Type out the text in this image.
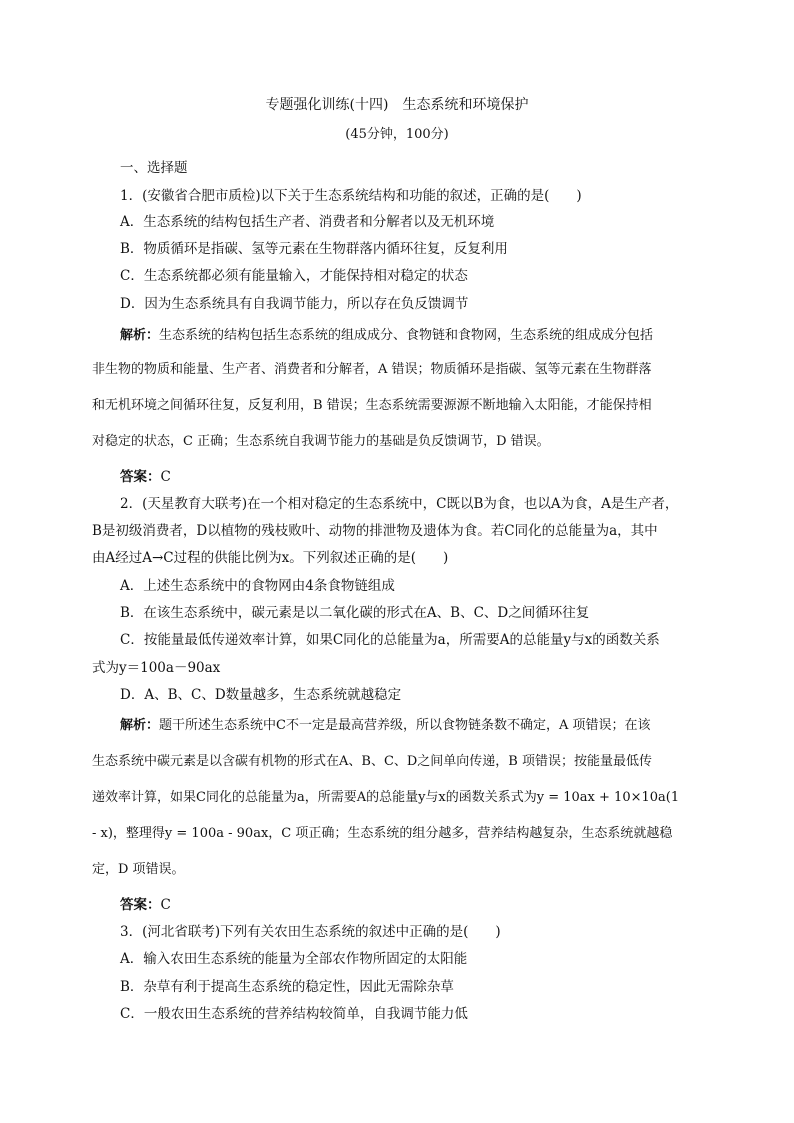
专题强化训练(十四)　生态系统和环境保护
(45分钟，100分)
一、选择题
1．(安徽省合肥市质检)以下关于生态系统结构和功能的叙述，正确的是(　　)
A．生态系统的结构包括生产者、消费者和分解者以及无机环境
B．物质循环是指碳、氢等元素在生物群落内循环往复，反复利用
C．生态系统都必须有能量输入，才能保持相对稳定的状态
D．因为生态系统具有自我调节能力，所以存在负反馈调节
解析：生态系统的结构包括生态系统的组成成分、食物链和食物网，生态系统的组成成分包括
非生物的物质和能量、生产者、消费者和分解者，A 错误；物质循环是指碳、氢等元素在生物群落
和无机环境之间循环往复，反复利用，B 错误；生态系统需要源源不断地输入太阳能，才能保持相
对稳定的状态，C 正确；生态系统自我调节能力的基础是负反馈调节，D 错误。
答案：C
2．(天星教育大联考)在一个相对稳定的生态系统中，C既以B为食，也以A为食，A是生产者，
B是初级消费者，D以植物的残枝败叶、动物的排泄物及遗体为食。若C同化的总能量为a，其中
由A经过A→C过程的供能比例为x。下列叙述正确的是(　　)
A．上述生态系统中的食物网由4条食物链组成
B．在该生态系统中，碳元素是以二氧化碳的形式在A、B、C、D之间循环往复
C．按能量最低传递效率计算，如果C同化的总能量为a，所需要A的总能量y与x的函数关系
式为y＝100a－90ax
D．A、B、C、D数量越多，生态系统就越稳定
解析：题干所述生态系统中C不一定是最高营养级，所以食物链条数不确定，A 项错误；在该
生态系统中碳元素是以含碳有机物的形式在A、B、C、D之间单向传递，B 项错误；按能量最低传
递效率计算，如果C同化的总能量为a，所需要A的总能量y与x的函数关系式为y = 10ax + 10×10a(1
- x)，整理得y = 100a - 90ax，C 项正确；生态系统的组分越多，营养结构越复杂，生态系统就越稳
定，D 项错误。
答案：C
3．(河北省联考)下列有关农田生态系统的叙述中正确的是(　　)
A．输入农田生态系统的能量为全部农作物所固定的太阳能
B．杂草有利于提高生态系统的稳定性，因此无需除杂草
C．一般农田生态系统的营养结构较简单，自我调节能力低
